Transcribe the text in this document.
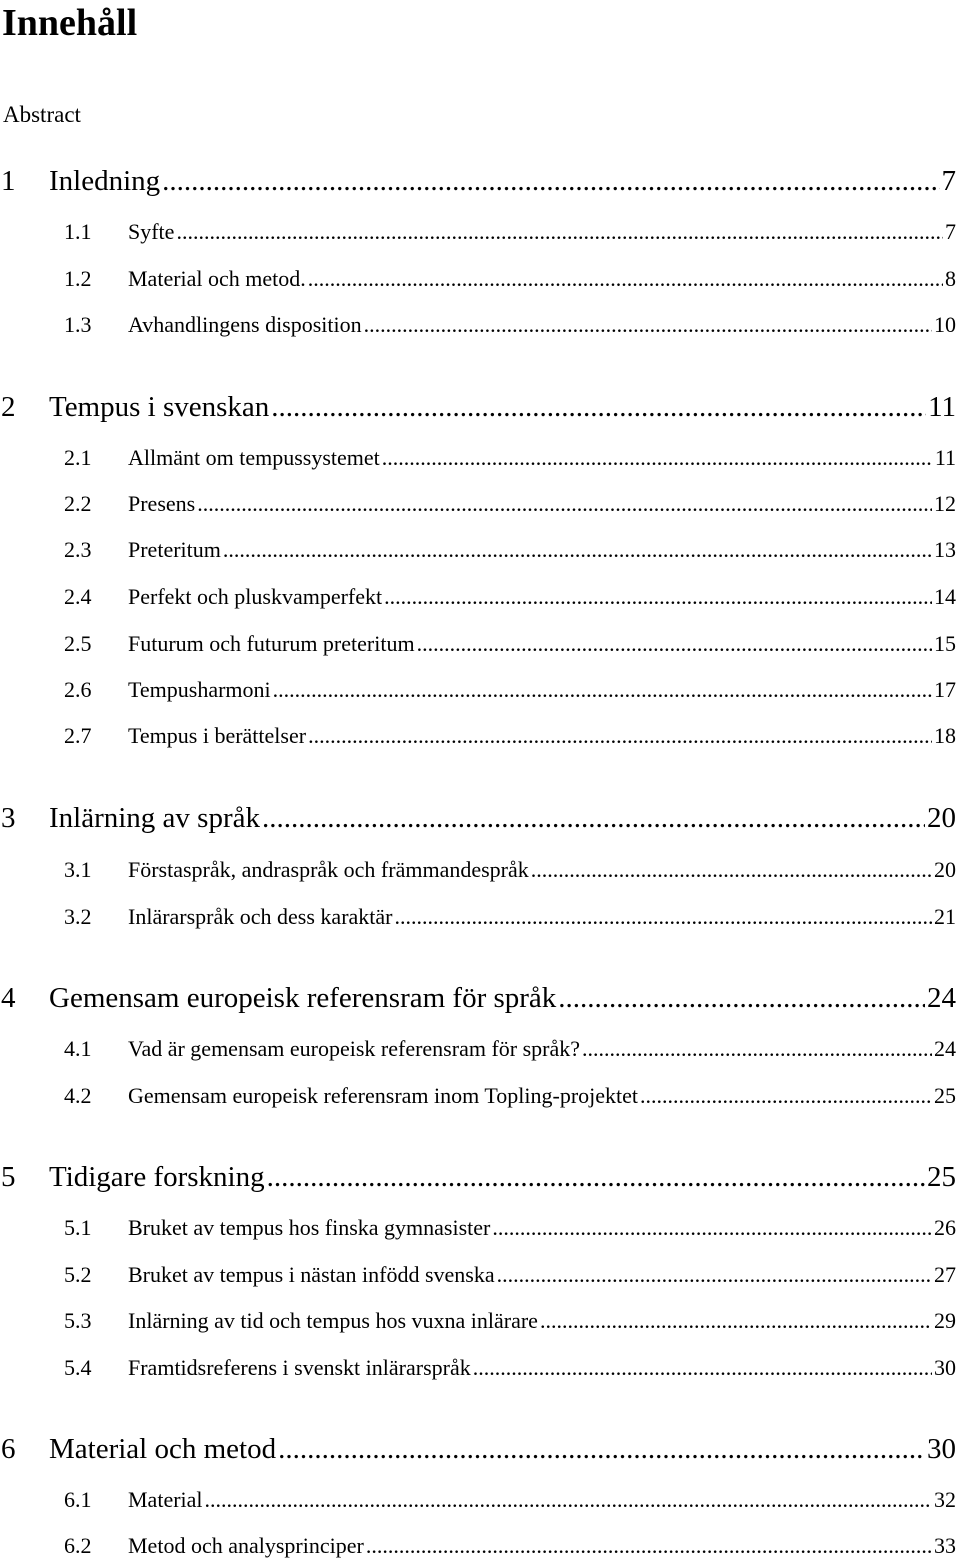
Innehåll
Abstract
1	Inledning .....	7
1.1	Syfte .....	7
1.2	Material och metod. .....	8
1.3	Avhandlingens disposition .....	10
2	Tempus i svenskan .....	11
2.1	Allmänt om tempussystemet .....	11
2.2	Presens .....	12
2.3	Preteritum .....	13
2.4	Perfekt och pluskvamperfekt .....	14
2.5	Futurum och futurum preteritum .....	15
2.6	Tempusharmoni .....	17
2.7	Tempus i berättelser .....	18
3	Inlärning av språk .....	20
3.1	Förstaspråk, andraspråk och främmandespråk .....	20
3.2	Inlärarspråk och dess karaktär .....	21
4	Gemensam europeisk referensram för språk .....	24
4.1	Vad är gemensam europeisk referensram för språk? .....	24
4.2	Gemensam europeisk referensram inom Topling-projektet .....	25
5	Tidigare forskning .....	25
5.1	Bruket av tempus hos finska gymnasister .....	26
5.2	Bruket av tempus i nästan infödd svenska .....	27
5.3	Inlärning av tid och tempus hos vuxna inlärare .....	29
5.4	Framtidsreferens i svenskt inlärarspråk .....	30
6	Material och metod .....	30
6.1	Material .....	32
6.2	Metod och analysprinciper .....	33
